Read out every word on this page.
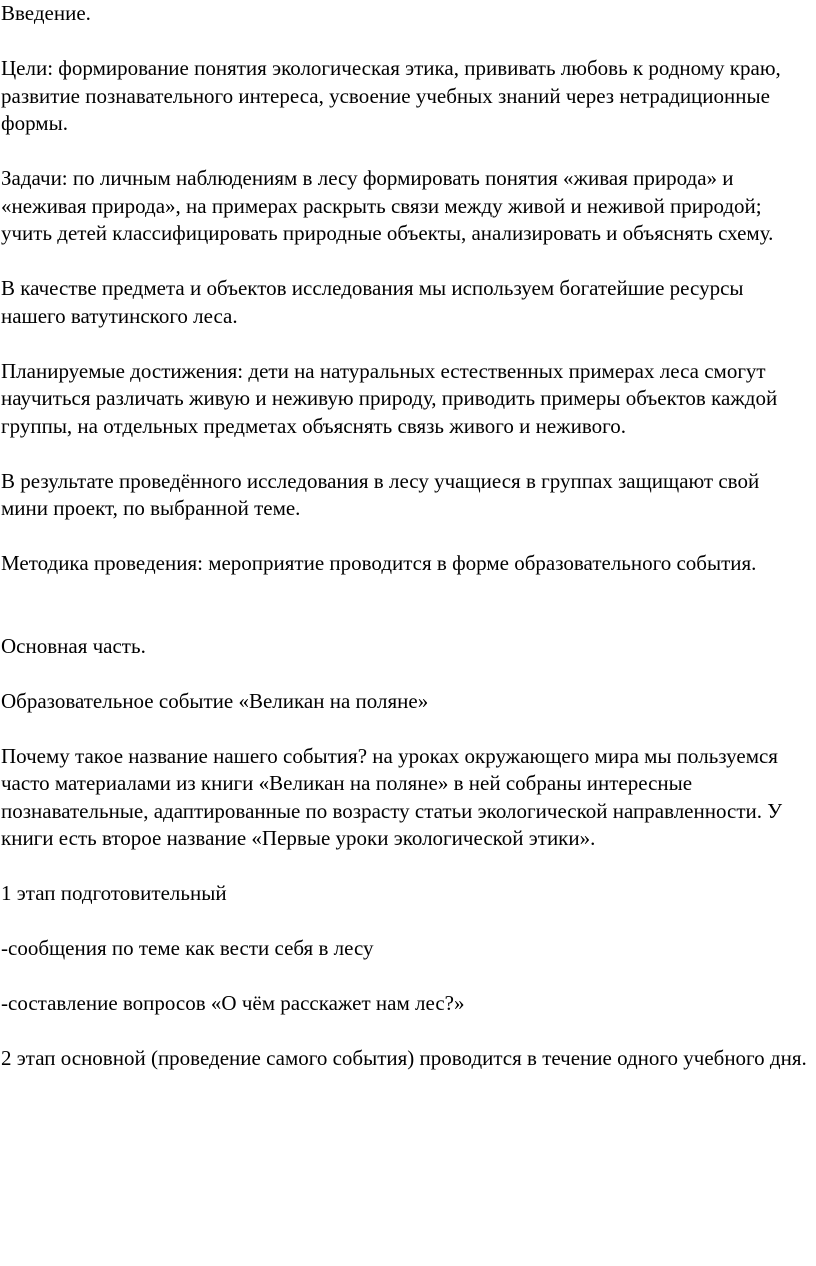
Введение.

Цели: формирование понятия экологическая этика, прививать любовь к родному краю, развитие познавательного интереса, усвоение учебных знаний через нетрадиционные формы.

Задачи: по личным наблюдениям в лесу формировать понятия «живая природа» и «неживая природа», на примерах раскрыть связи между живой и неживой природой; учить детей классифицировать природные объекты, анализировать и объяснять схему.

В качестве предмета и объектов исследования мы используем богатейшие ресурсы нашего ватутинского леса.

Планируемые достижения: дети на натуральных естественных примерах леса смогут научиться различать живую и неживую природу, приводить примеры объектов каждой группы, на отдельных предметах объяснять связь живого и неживого.

В результате проведённого исследования в лесу учащиеся в группах защищают свой мини проект, по выбранной теме.

Методика проведения: мероприятие проводится в форме образовательного события.

Основная часть.

Образовательное событие «Великан на поляне»

Почему такое название нашего события? на уроках окружающего мира мы пользуемся часто материалами из книги «Великан на поляне» в ней собраны интересные познавательные, адаптированные по возрасту статьи экологической направленности. У книги есть второе название «Первые уроки экологической этики».

1 этап подготовительный

-сообщения по теме как вести себя в лесу

-составление вопросов «О чём расскажет нам лес?»

2 этап основной (проведение самого события) проводится в течение одного учебного дня.
